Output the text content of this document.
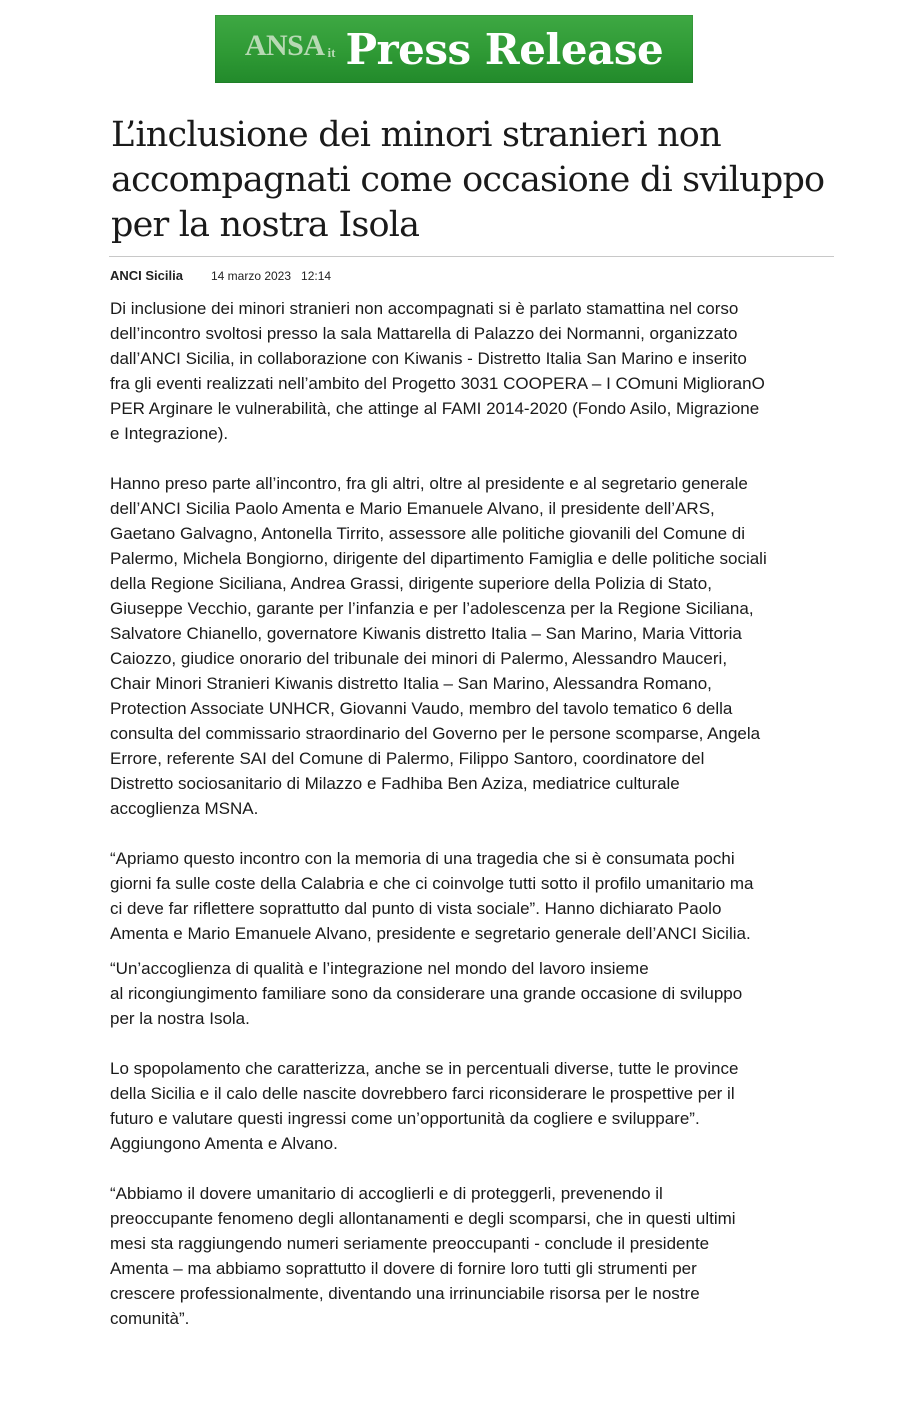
ANSA it Press Release
L’inclusione dei minori stranieri non accompagnati come occasione di sviluppo per la nostra Isola
ANCI Sicilia 14 marzo 2023 12:14

Di inclusione dei minori stranieri non accompagnati si è parlato stamattina nel corso
dell’incontro svoltosi presso la sala Mattarella di Palazzo dei Normanni, organizzato
dall’ANCI Sicilia, in collaborazione con Kiwanis - Distretto Italia San Marino e inserito
fra gli eventi realizzati nell’ambito del Progetto 3031 COOPERA – I COmuni MiglioranO
PER Arginare le vulnerabilità, che attinge al FAMI 2014-2020 (Fondo Asilo, Migrazione
e Integrazione).

Hanno preso parte all’incontro, fra gli altri, oltre al presidente e al segretario generale
dell’ANCI Sicilia Paolo Amenta e Mario Emanuele Alvano, il presidente dell’ARS,
Gaetano Galvagno, Antonella Tirrito, assessore alle politiche giovanili del Comune di
Palermo, Michela Bongiorno, dirigente del dipartimento Famiglia e delle politiche sociali
della Regione Siciliana, Andrea Grassi, dirigente superiore della Polizia di Stato,
Giuseppe Vecchio, garante per l’infanzia e per l’adolescenza per la Regione Siciliana,
Salvatore Chianello, governatore Kiwanis distretto Italia – San Marino, Maria Vittoria
Caiozzo, giudice onorario del tribunale dei minori di Palermo, Alessandro Mauceri,
Chair Minori Stranieri Kiwanis distretto Italia – San Marino, Alessandra Romano,
Protection Associate UNHCR, Giovanni Vaudo, membro del tavolo tematico 6 della
consulta del commissario straordinario del Governo per le persone scomparse, Angela
Errore, referente SAI del Comune di Palermo, Filippo Santoro, coordinatore del
Distretto sociosanitario di Milazzo e Fadhiba Ben Aziza, mediatrice culturale
accoglienza MSNA.

“Apriamo questo incontro con la memoria di una tragedia che si è consumata pochi
giorni fa sulle coste della Calabria e che ci coinvolge tutti sotto il profilo umanitario ma
ci deve far riflettere soprattutto dal punto di vista sociale”. Hanno dichiarato Paolo
Amenta e Mario Emanuele Alvano, presidente e segretario generale dell’ANCI Sicilia.

“Un’accoglienza di qualità e l’integrazione nel mondo del lavoro insieme
al ricongiungimento familiare sono da considerare una grande occasione di sviluppo
per la nostra Isola.

Lo spopolamento che caratterizza, anche se in percentuali diverse, tutte le province
della Sicilia e il calo delle nascite dovrebbero farci riconsiderare le prospettive per il
futuro e valutare questi ingressi come un’opportunità da cogliere e sviluppare”.
Aggiungono Amenta e Alvano.

“Abbiamo il dovere umanitario di accoglierli e di proteggerli, prevenendo il
preoccupante fenomeno degli allontanamenti e degli scomparsi, che in questi ultimi
mesi sta raggiungendo numeri seriamente preoccupanti - conclude il presidente
Amenta – ma abbiamo soprattutto il dovere di fornire loro tutti gli strumenti per
crescere professionalmente, diventando una irrinunciabile risorsa per le nostre
comunità”.
